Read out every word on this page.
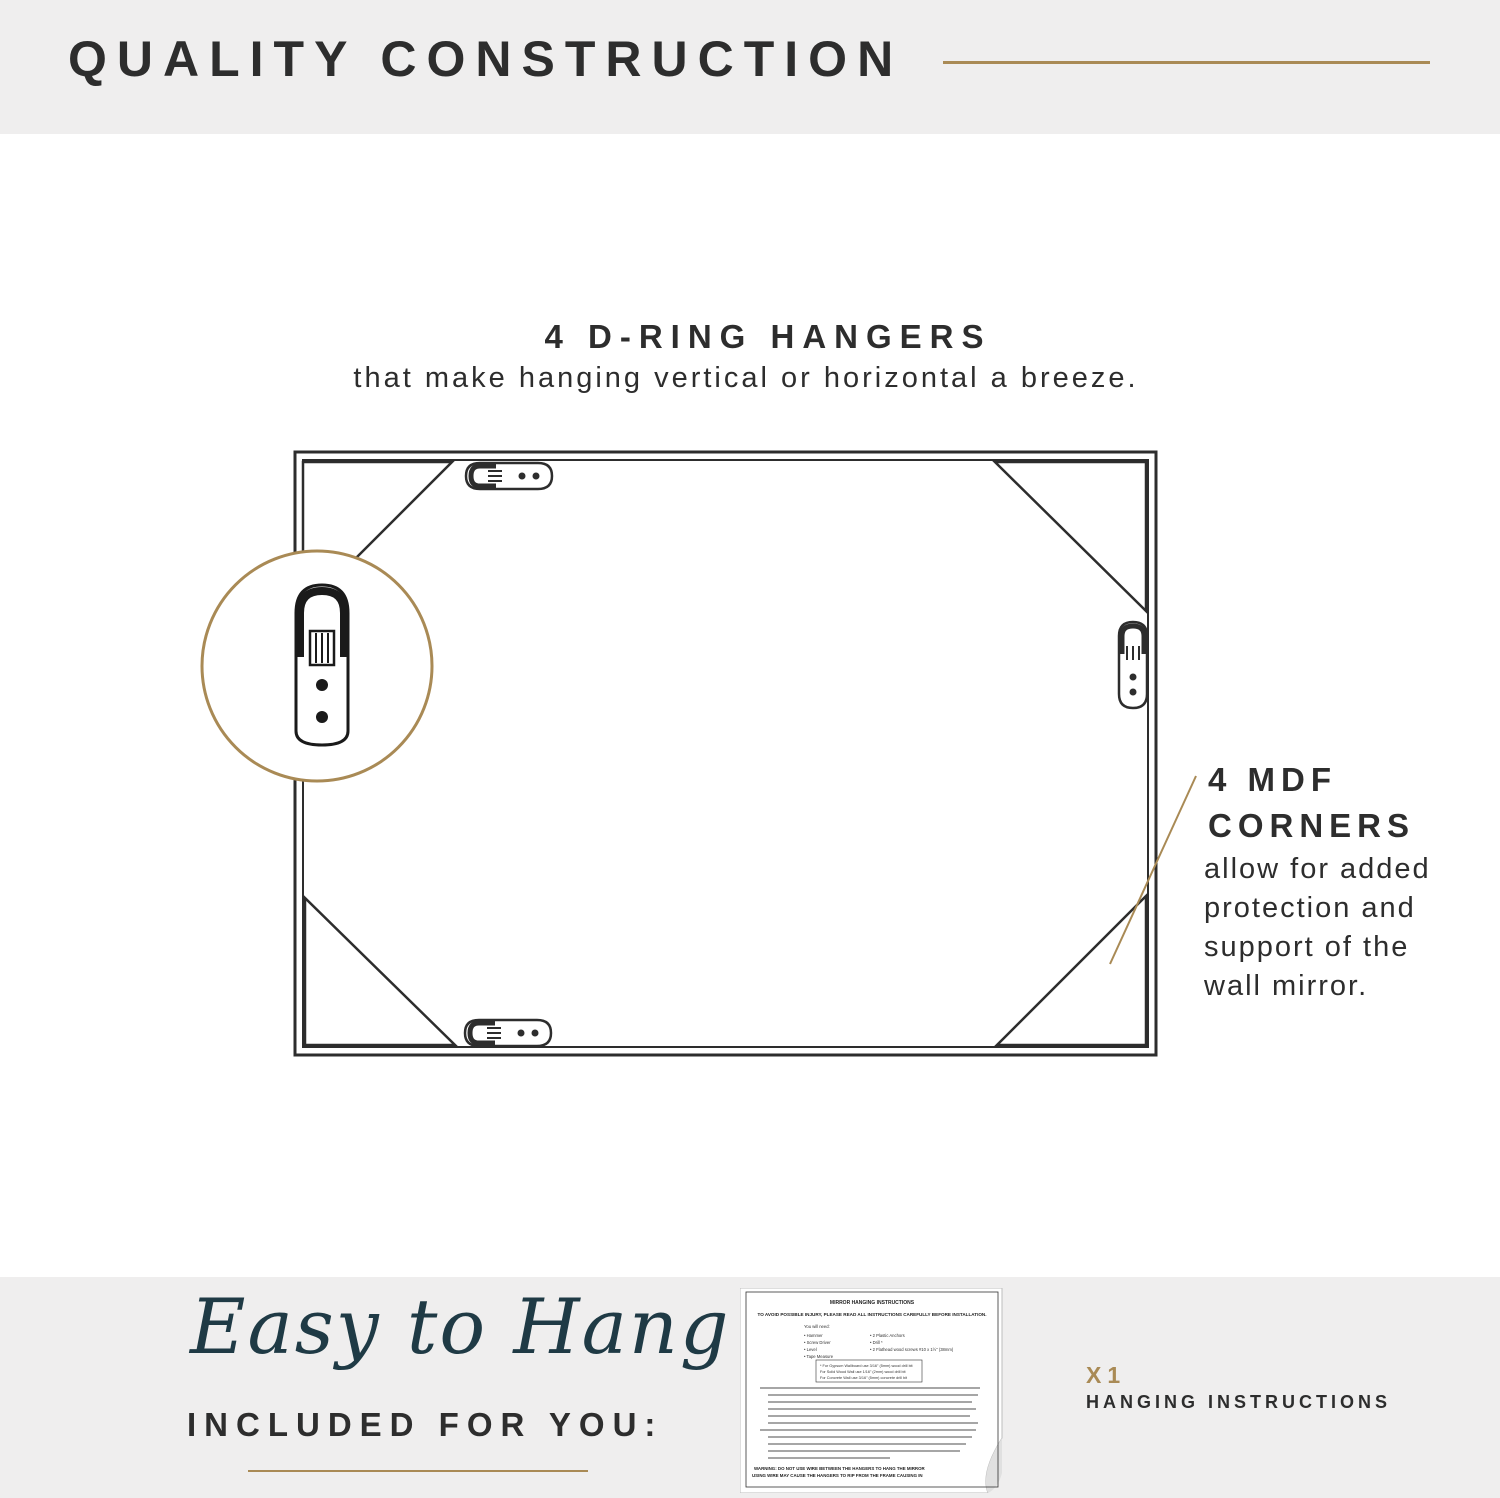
QUALITY CONSTRUCTION
4 D-RING HANGERS
that make hanging vertical or horizontal a breeze.
4 MDF
CORNERS
allow for added
protection and
support of the
wall mirror.
Easy to Hang
INCLUDED FOR YOU:
MIRROR HANGING INSTRUCTIONS
TO AVOID POSSIBLE INJURY, PLEASE READ ALL INSTRUCTIONS CAREFULLY BEFORE INSTALLATION.
You will need:
• Hammer
• Screw Driver
• Level
• Tape Measure
• 2 Plastic Anchors
• Drill *
• 2 Flathead wood screws #10 x 1½" (38mm)
* For Gypsum Wallboard use 3/16" (5mm) wood drill bit
For Solid Wood Wall use 1/16" (2mm) wood drill bit
For Concrete Wall use 3/16" (5mm) concrete drill bit
WARNING: DO NOT USE WIRE BETWEEN THE HANGERS TO HANG THE MIRROR
USING WIRE MAY CAUSE THE HANGERS TO RIP FROM THE FRAME CAUSING IN
X1
HANGING INSTRUCTIONS
